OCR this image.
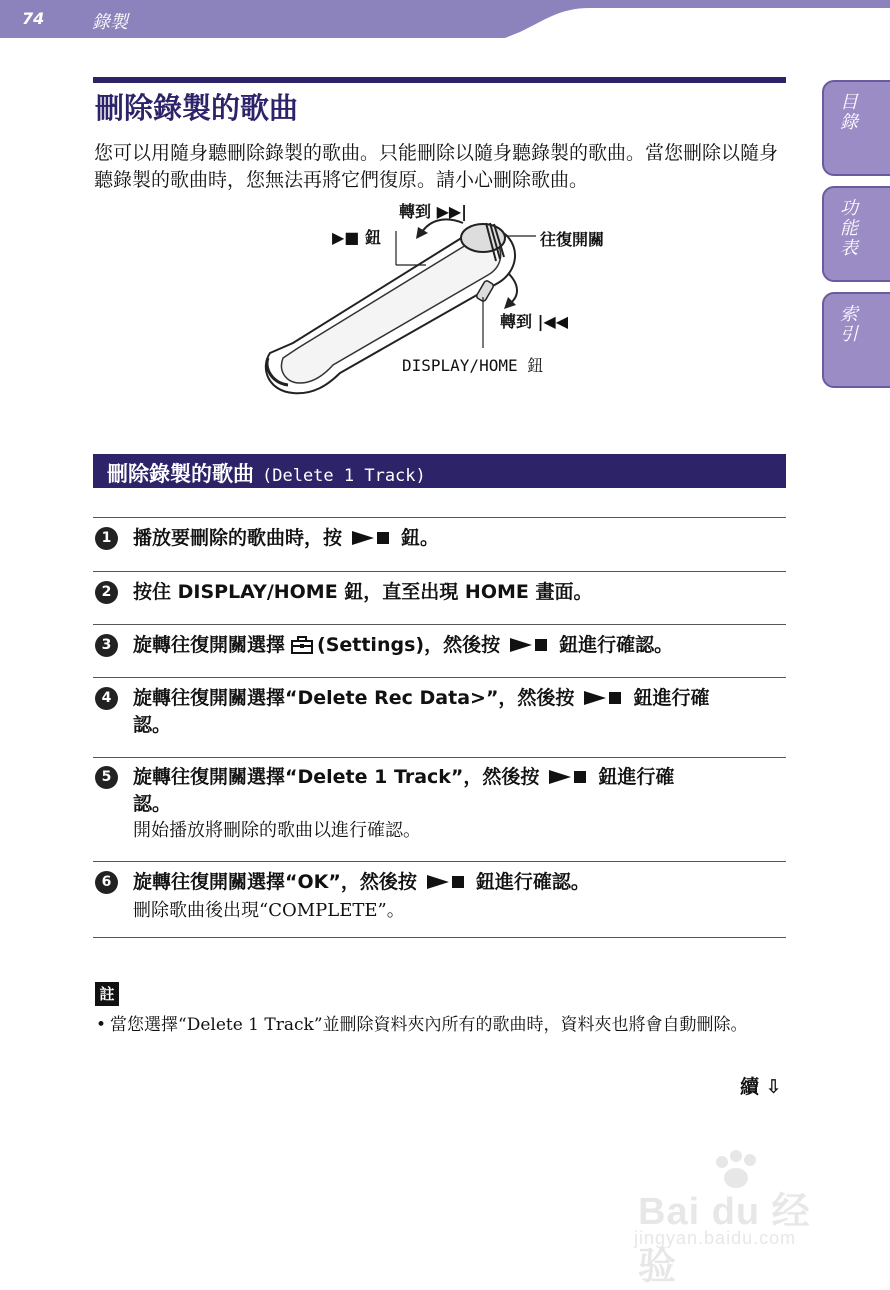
74	錄製
目錄
功能表
索引
刪除錄製的歌曲
您可以用隨身聽刪除錄製的歌曲。只能刪除以隨身聽錄製的歌曲。當您刪除以隨身聽錄製的歌曲時，您無法再將它們復原。請小心刪除歌曲。
轉到 ▶▶|
▶■ 鈕	往復開關
轉到 |◀◀
DISPLAY/HOME 鈕
刪除錄製的歌曲 (Delete 1 Track)
1	播放要刪除的歌曲時，按	鈕。
2	按住 DISPLAY/HOME 鈕，直至出現 HOME 畫面。
3	旋轉往復開關選擇 (Settings)，然後按	鈕進行確認。
4	旋轉往復開關選擇“Delete Rec Data>”，然後按	鈕進行確
認。
5	旋轉往復開關選擇“Delete 1 Track”，然後按	鈕進行確
認。
開始播放將刪除的歌曲以進行確認。
6	旋轉往復開關選擇“OK”，然後按	鈕進行確認。
刪除歌曲後出現“COMPLETE”。
註
• 當您選擇“Delete 1 Track”並刪除資料夾內所有的歌曲時，資料夾也將會自動刪除。
續 ⇩
Bai du 经验
jingyan.baidu.com
